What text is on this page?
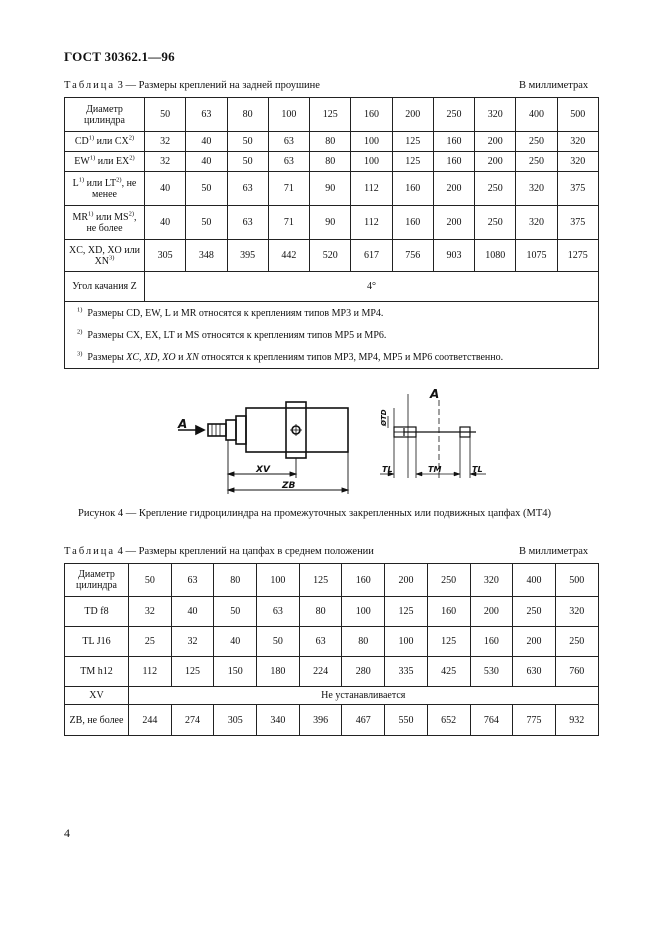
ГОСТ 30362.1—96
Таблица 3 — Размеры креплений на задней проушине	В миллиметрах
Диаметр цилиндра	50	63	80	100	125	160	200	250	320	400	500
CD$^{1)}$ или CX$^{2)}$	32	40	50	63	80	100	125	160	200	250	320
EW$^{1)}$ или EX$^{2)}$	32	40	50	63	80	100	125	160	200	250	320
$L^{1)}$ или LT$^{2)}$, не менее	40	50	63	71	90	112	160	200	250	320	375
MR$^{1)}$ или MS$^{2)}$, не более	40	50	63	71	90	112	160	200	250	320	375
XC, XD, XO или XN$^{3)}$	305	348	395	442	520	617	756	903	1080	1075	1275
Угол качания Z	4°										
$^{1)}$ Размеры CD, EW, L и MR относятся к креплениям типов МР3 и МР4.											
$^{2)}$ Размеры CX, EX, LT и MS относятся к креплениям типов МР5 и МР6.											
$^{3)}$ Размеры XC, XD, XO и XN относятся к креплениям типов МР3, МР4, МР5 и МР6 соответственно.											
A
A
XV
ZB
TL	TM	TL
ØTD
Рисунок 4 — Крепление гидроцилиндра на промежуточных закрепленных или подвижных цапфах (МТ4)
Таблица 4 — Размеры креплений на цапфах в среднем положении	В миллиметрах
Диаметр цилиндра	50	63	80	100	125	160	200	250	320	400	500
TD f8	32	40	50	63	80	100	125	160	200	250	320
TL J16	25	32	40	50	63	80	100	125	160	200	250
TM h12	112	125	150	180	224	280	335	425	530	630	760
XV	Не устанавливается										
ZB, не более	244	274	305	340	396	467	550	652	764	775	932
4
